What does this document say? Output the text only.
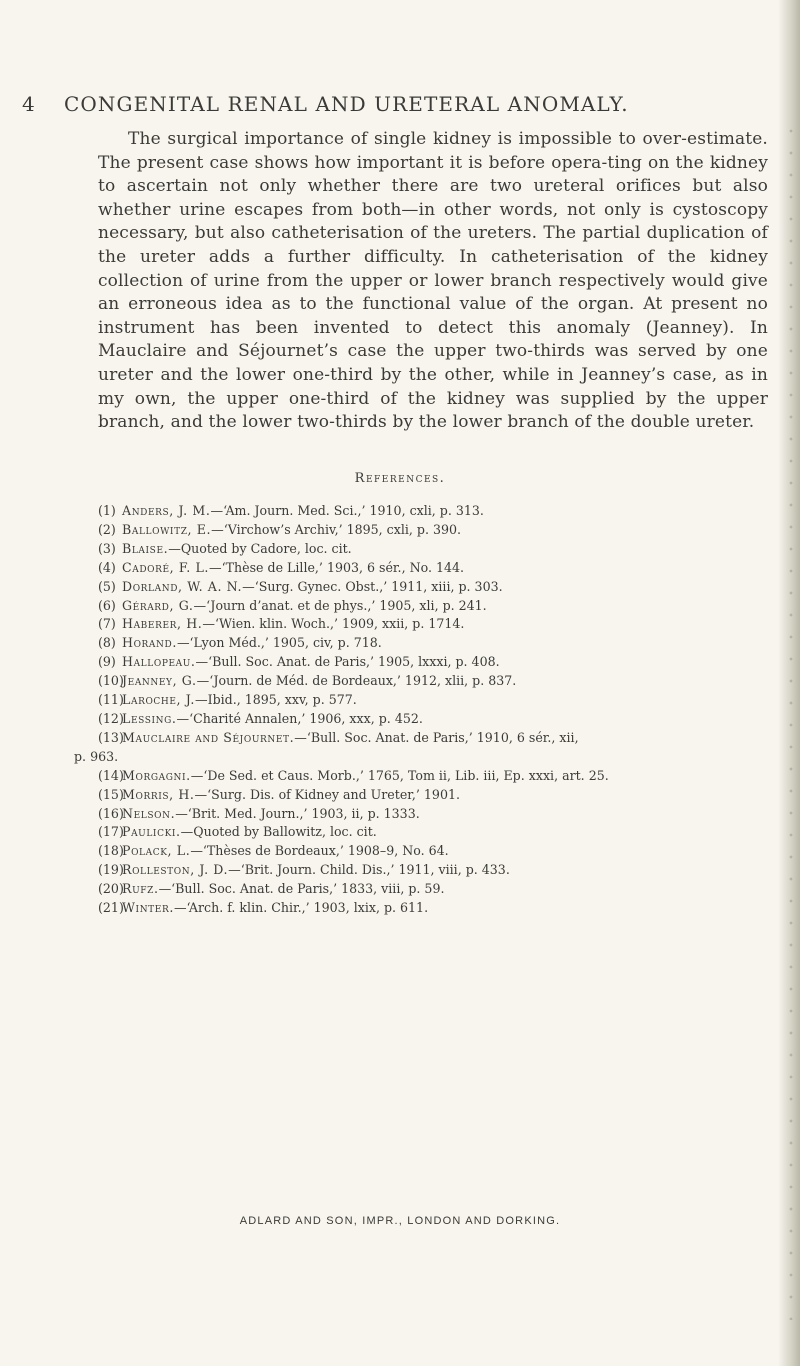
4 CONGENITAL RENAL AND URETERAL ANOMALY.

The surgical importance of single kidney is impossible to over-estimate. The present case shows how important it is before opera-ting on the kidney to ascertain not only whether there are two ureteral orifices but also whether urine escapes from both—in other words, not only is cystoscopy necessary, but also catheterisation of the ureters. The partial duplication of the ureter adds a further difficulty. In catheterisation of the kidney collection of urine from the upper or lower branch respectively would give an erroneous idea as to the functional value of the organ. At present no instrument has been invented to detect this anomaly (Jeanney). In Mauclaire and Séjournet’s case the upper two-thirds was served by one ureter and the lower one-third by the other, while in Jeanney’s case, as in my own, the upper one-third of the kidney was supplied by the upper branch, and the lower two-thirds by the lower branch of the double ureter.

References.
(1) Anders, J. M.—‘Am. Journ. Med. Sci.,’ 1910, cxli, p. 313.
(2) Ballowitz, E.—‘Virchow’s Archiv,’ 1895, cxli, p. 390.
(3) Blaise.—Quoted by Cadore, loc. cit.
(4) Cadoré, F. L.—‘Thèse de Lille,’ 1903, 6 sér., No. 144.
(5) Dorland, W. A. N.—‘Surg. Gynec. Obst.,’ 1911, xiii, p. 303.
(6) Gérard, G.—‘Journ d’anat. et de phys.,’ 1905, xli, p. 241.
(7) Haberer, H.—‘Wien. klin. Woch.,’ 1909, xxii, p. 1714.
(8) Horand.—‘Lyon Méd.,’ 1905, civ, p. 718.
(9) Hallopeau.—‘Bull. Soc. Anat. de Paris,’ 1905, lxxxi, p. 408.
(10)Jeanney, G.—‘Journ. de Méd. de Bordeaux,’ 1912, xlii, p. 837.
(11)Laroche, J.—Ibid., 1895, xxv, p. 577.
(12)Lessing.—‘Charité Annalen,’ 1906, xxx, p. 452.
(13)Mauclaire and Séjournet.—‘Bull. Soc. Anat. de Paris,’ 1910, 6 sér., xii,
p. 963.
(14)Morgagni.—‘De Sed. et Caus. Morb.,’ 1765, Tom ii, Lib. iii, Ep. xxxi, art. 25.
(15)Morris, H.—‘Surg. Dis. of Kidney and Ureter,’ 1901.
(16)Nelson.—‘Brit. Med. Journ.,’ 1903, ii, p. 1333.
(17)Paulicki.—Quoted by Ballowitz, loc. cit.
(18)Polack, L.—‘Thèses de Bordeaux,’ 1908–9, No. 64.
(19)Rolleston, J. D.—‘Brit. Journ. Child. Dis.,’ 1911, viii, p. 433.
(20)Rufz.—‘Bull. Soc. Anat. de Paris,’ 1833, viii, p. 59.
(21)Winter.—‘Arch. f. klin. Chir.,’ 1903, lxix, p. 611.
ADLARD AND SON, IMPR., LONDON AND DORKING.
